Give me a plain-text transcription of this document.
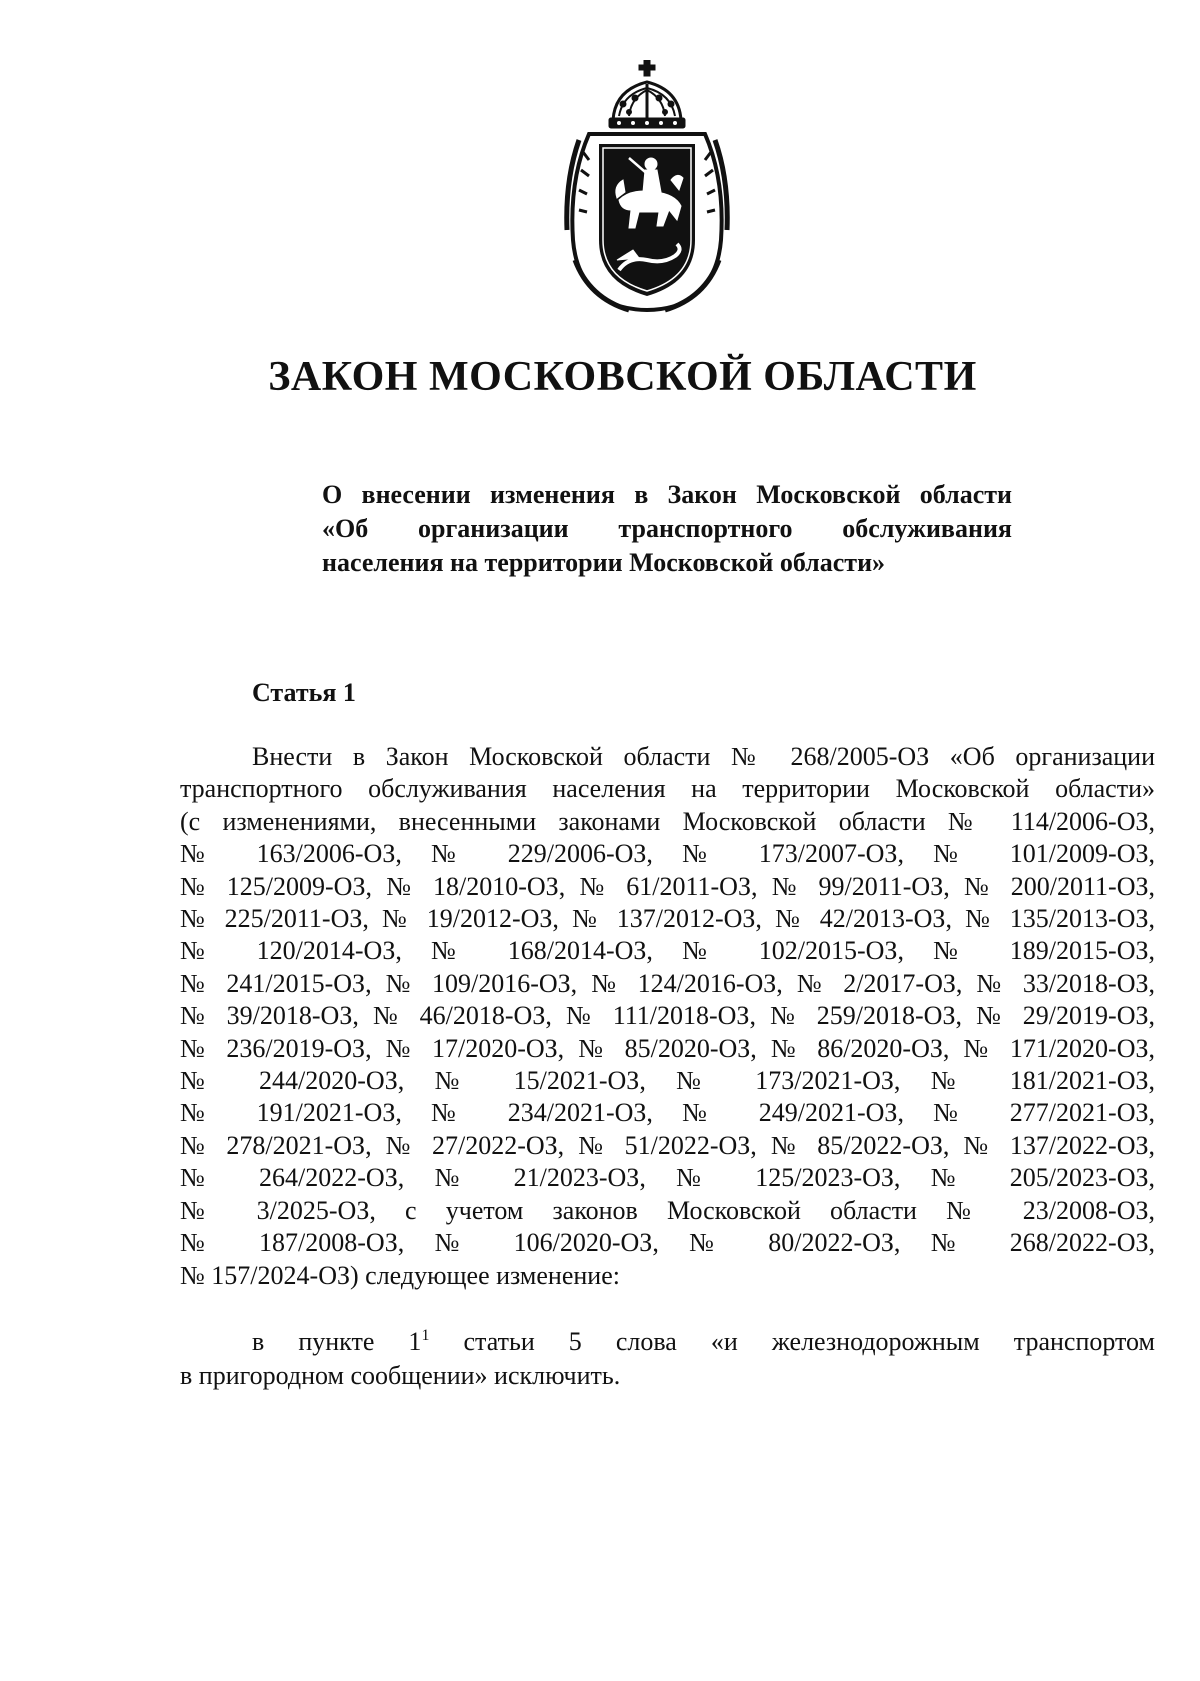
ЗАКОН МОСКОВСКОЙ ОБЛАСТИ
О внесении изменения в Закон Московской области
«Об организации транспортного обслуживания
населения на территории Московской области»
Статья 1
Внести в Закон Московской области № 268/2005-ОЗ «Об организации
транспортного обслуживания населения на территории Московской области»
(с изменениями, внесенными законами Московской области № 114/2006-ОЗ,
№ 163/2006-ОЗ, № 229/2006-ОЗ, № 173/2007-ОЗ, № 101/2009-ОЗ,
№ 125/2009-ОЗ, № 18/2010-ОЗ, № 61/2011-ОЗ, № 99/2011-ОЗ, № 200/2011-ОЗ,
№ 225/2011-ОЗ, № 19/2012-ОЗ, № 137/2012-ОЗ, № 42/2013-ОЗ, № 135/2013-ОЗ,
№ 120/2014-ОЗ, № 168/2014-ОЗ, № 102/2015-ОЗ, № 189/2015-ОЗ,
№ 241/2015-ОЗ, № 109/2016-ОЗ, № 124/2016-ОЗ, № 2/2017-ОЗ, № 33/2018-ОЗ,
№ 39/2018-ОЗ, № 46/2018-ОЗ, № 111/2018-ОЗ, № 259/2018-ОЗ, № 29/2019-ОЗ,
№ 236/2019-ОЗ, № 17/2020-ОЗ, № 85/2020-ОЗ, № 86/2020-ОЗ, № 171/2020-ОЗ,
№ 244/2020-ОЗ, № 15/2021-ОЗ, № 173/2021-ОЗ, № 181/2021-ОЗ,
№ 191/2021-ОЗ, № 234/2021-ОЗ, № 249/2021-ОЗ, № 277/2021-ОЗ,
№ 278/2021-ОЗ, № 27/2022-ОЗ, № 51/2022-ОЗ, № 85/2022-ОЗ, № 137/2022-ОЗ,
№ 264/2022-ОЗ, № 21/2023-ОЗ, № 125/2023-ОЗ, № 205/2023-ОЗ,
№ 3/2025-ОЗ, с учетом законов Московской области № 23/2008-ОЗ,
№ 187/2008-ОЗ, № 106/2020-ОЗ, № 80/2022-ОЗ, № 268/2022-ОЗ,
№ 157/2024-ОЗ) следующее изменение:
в пункте $1^1$ статьи 5 слова «и железнодорожным транспортом
в пригородном сообщении» исключить.
